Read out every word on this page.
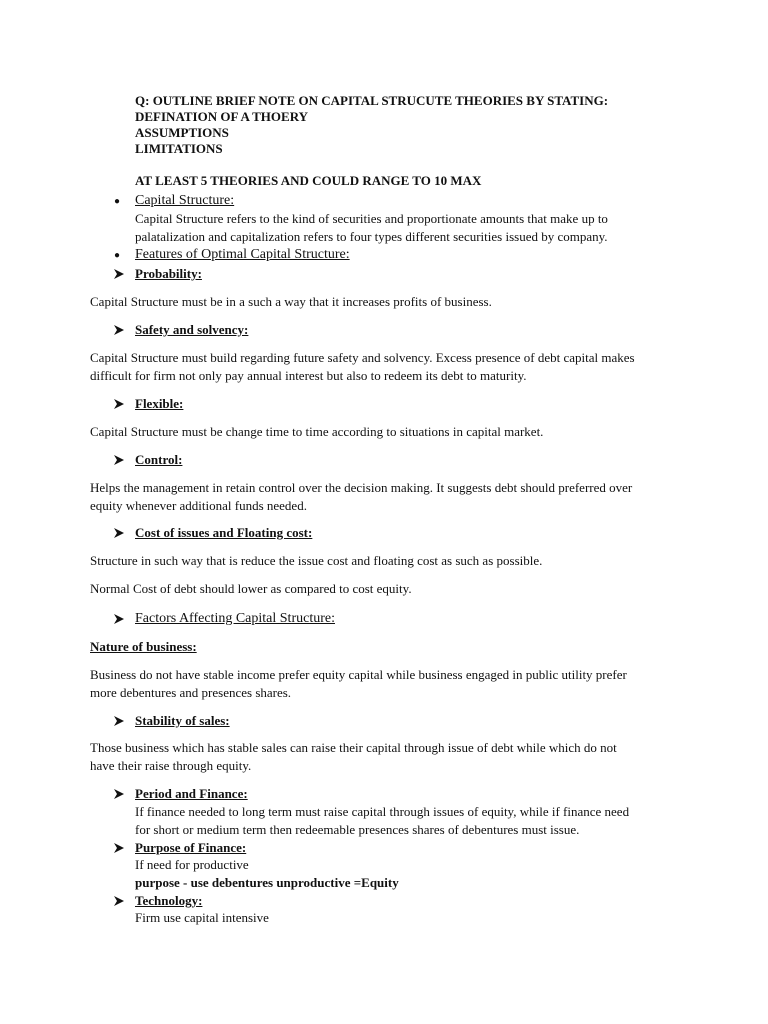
Q: OUTLINE BRIEF NOTE ON CAPITAL STRUCUTE THEORIES BY STATING:
DEFINATION OF A THOERY
ASSUMPTIONS
LIMITATIONS
AT LEAST 5 THEORIES AND COULD RANGE TO 10 MAX
● Capital Structure:
Capital Structure refers to the kind of securities and proportionate amounts that make up to
palatalization and capitalization refers to four types different securities issued by company.
● Features of Optimal Capital Structure:
Probability:
Capital Structure must be in a such a way that it increases profits of business.
Safety and solvency:
Capital Structure must build regarding future safety and solvency. Excess presence of debt capital makes
difficult for firm not only pay annual interest but also to redeem its debt to maturity.
Flexible:
Capital Structure must be change time to time according to situations in capital market.
Control:
Helps the management in retain control over the decision making. It suggests debt should preferred over
equity whenever additional funds needed.
Cost of issues and Floating cost:
Structure in such way that is reduce the issue cost and floating cost as such as possible.
Normal Cost of debt should lower as compared to cost equity.
Factors Affecting Capital Structure:
Nature of business:
Business do not have stable income prefer equity capital while business engaged in public utility prefer
more debentures and presences shares.
Stability of sales:
Those business which has stable sales can raise their capital through issue of debt while which do not
have their raise through equity.
Period and Finance:
If finance needed to long term must raise capital through issues of equity, while if finance need
for short or medium term then redeemable presences shares of debentures must issue.
Purpose of Finance:
If need for productive
purpose - use debentures unproductive =Equity
Technology:
Firm use capital intensive
